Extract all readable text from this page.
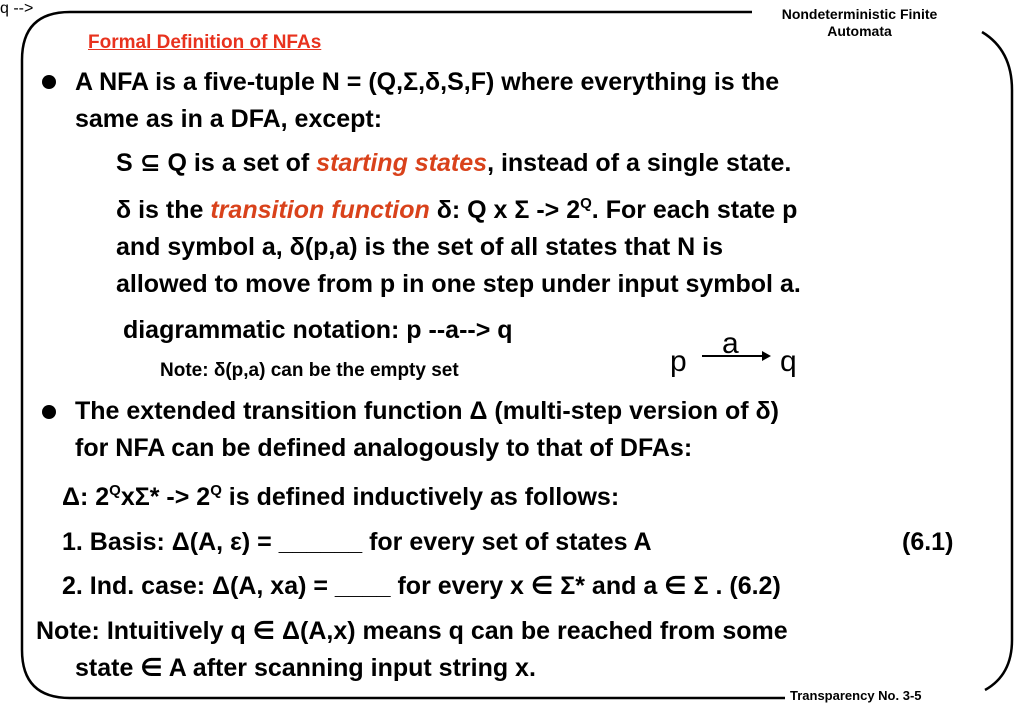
Nondeterministic Finite
Automata
Formal Definition of NFAs
A NFA is a five-tuple N = (Q,Σ,δ,S,F) where everything is the
same as in a DFA, except:
S ⊆ Q is a set of starting states, instead of a single state.
δ is the transition function δ: Q x $\Sigma -> 2^Q$. For each state p
and symbol a, δ(p,a) is the set of all states that N is
allowed to move from p in one step under input symbol a.
diagrammatic notation: p --a--> q
q -->
p
a
q
Note: δ(p,a) can be the empty set
The extended transition function Δ (multi-step version of δ)
for NFA can be defined analogously to that of DFAs:
Δ: $2^Qx\Sigma* -> 2^Q$ is defined inductively as follows:
1. Basis: Δ(A, ε) = ______ for every set of states A	(6.1)
2. Ind. case: Δ(A, xa) = ____ for every x ∈ Σ* and a ∈ Σ . (6.2)
Note: Intuitively q ∈ Δ(A,x) means q can be reached from some
state ∈ A after scanning input string x.
Transparency No. 3-5
